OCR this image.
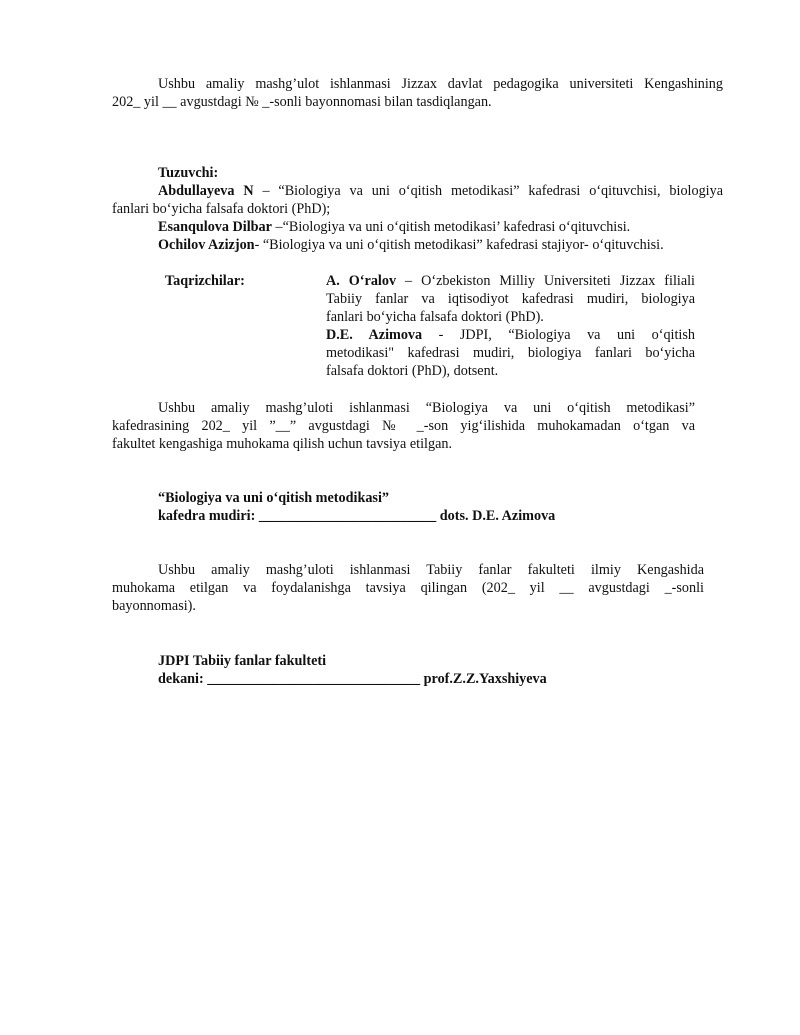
Ushbu amaliy mashg’ulot ishlanmasi Jizzax davlat pedagogika universiteti Kengashining
202_ yil __ avgustdagi № _-sonli bayonnomasi bilan tasdiqlangan.
Tuzuvchi:
Abdullayeva N – “Biologiya va uni o‘qitish metodikasi” kafedrasi o‘qituvchisi, biologiya
fanlari bo‘yicha falsafa doktori (PhD);
Esanqulova Dilbar –“Biologiya va uni o‘qitish metodikasi’ kafedrasi o‘qituvchisi.
Ochilov Azizjon- “Biologiya va uni o‘qitish metodikasi” kafedrasi stajiyor- o‘qituvchisi.
Taqrizchilar:	A. O‘ralov – O‘zbekiston Milliy Universiteti Jizzax filiali
Tabiiy fanlar va iqtisodiyot kafedrasi mudiri, biologiya
fanlari bo‘yicha falsafa doktori (PhD).
D.E. Azimova - JDPI, “Biologiya va uni o‘qitish
metodikasi" kafedrasi mudiri, biologiya fanlari bo‘yicha
falsafa doktori (PhD), dotsent.
Ushbu amaliy mashg’uloti ishlanmasi “Biologiya va uni o‘qitish metodikasi”
kafedrasining 202_ yil ”__” avgustdagi № _-son yig‘ilishida muhokamadan o‘tgan va
fakultet kengashiga muhokama qilish uchun tavsiya etilgan.
“Biologiya va uni o‘qitish metodikasi”
kafedra mudiri: _________________________ dots. D.E. Azimova
Ushbu amaliy mashg’uloti ishlanmasi Tabiiy fanlar fakulteti ilmiy Kengashida
muhokama etilgan va foydalanishga tavsiya qilingan (202_ yil __ avgustdagi _-sonli
bayonnomasi).
JDPI Tabiiy fanlar fakulteti
dekani: ______________________________ prof.Z.Z.Yaxshiyeva
